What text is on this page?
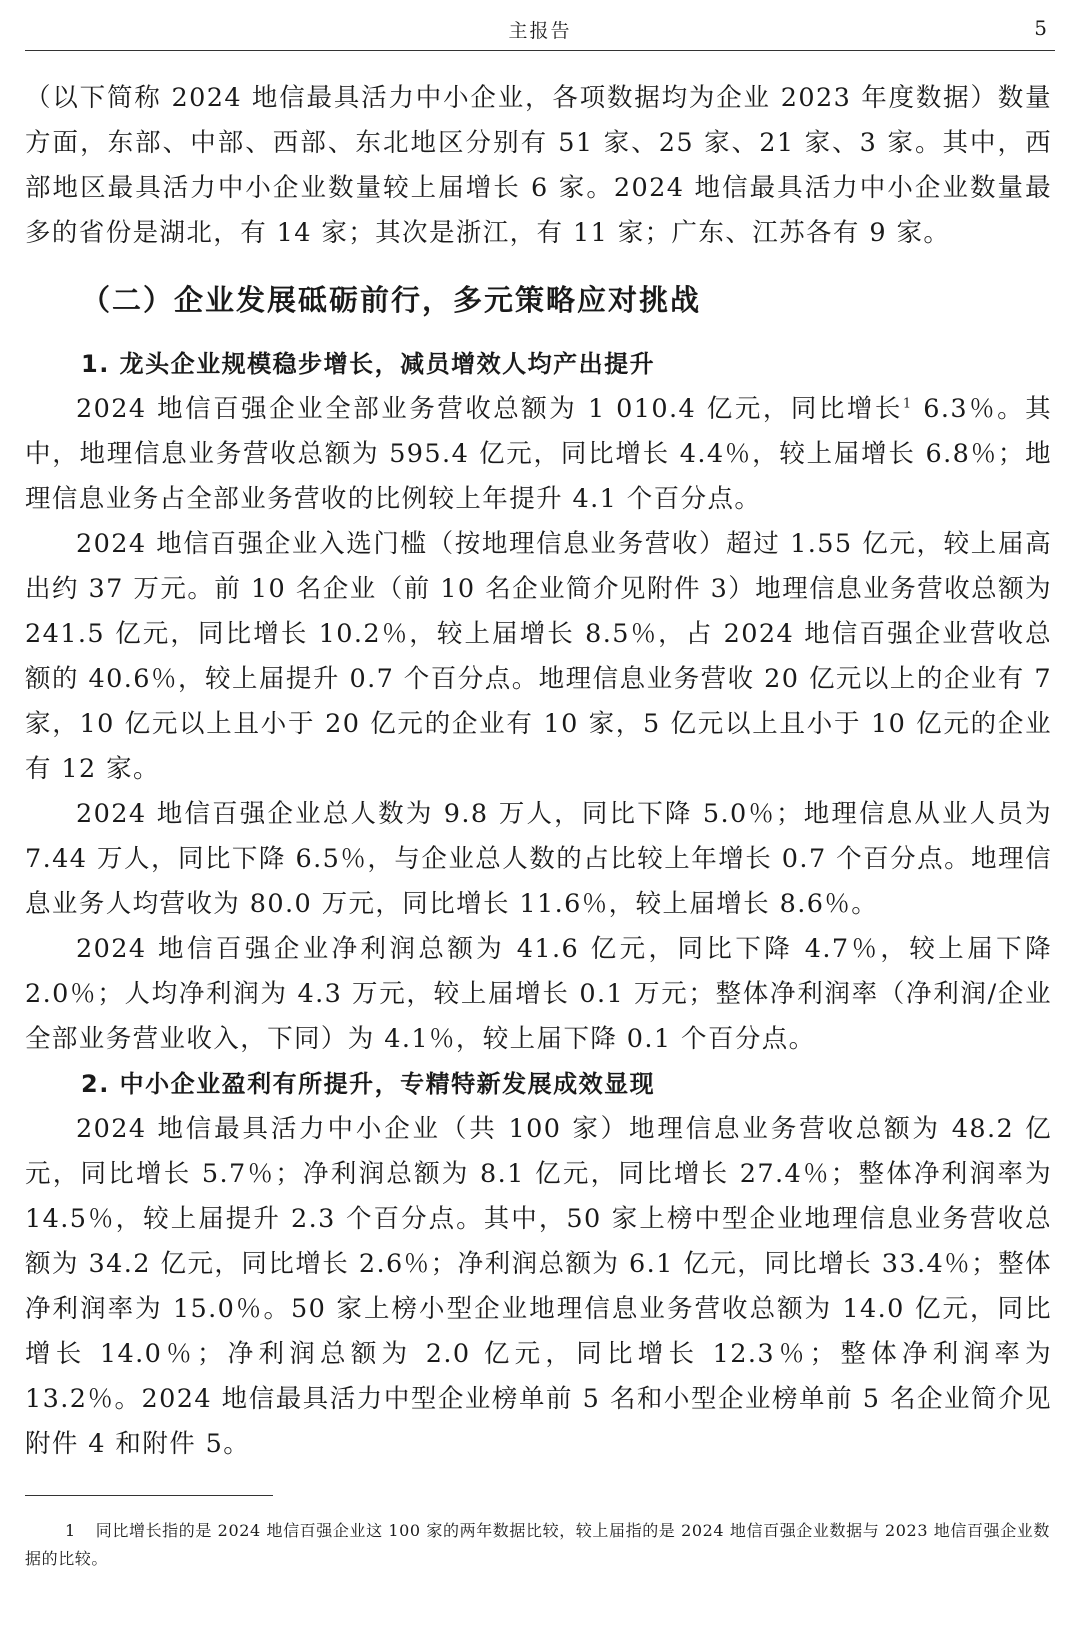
主报告	5

（以下简称 2024 地信最具活力中小企业，各项数据均为企业 2023 年度数据）数量方面，东部、中部、西部、东北地区分别有 51 家、25 家、21 家、3 家。其中，西部地区最具活力中小企业数量较上届增长 6 家。2024 地信最具活力中小企业数量最多的省份是湖北，有 14 家；其次是浙江，有 11 家；广东、江苏各有 9 家。

（二）企业发展砥砺前行，多元策略应对挑战
1. 龙头企业规模稳步增长，减员增效人均产出提升

2024 地信百强企业全部业务营收总额为 1 010.4 亿元，同比增长$^1$ 6.3％。其中，地理信息业务营收总额为 595.4 亿元，同比增长 4.4％，较上届增长 6.8％；地理信息业务占全部业务营收的比例较上年提升 4.1 个百分点。

2024 地信百强企业入选门槛（按地理信息业务营收）超过 1.55 亿元，较上届高出约 37 万元。前 10 名企业（前 10 名企业简介见附件 3）地理信息业务营收总额为 241.5 亿元，同比增长 10.2％，较上届增长 8.5％，占 2024 地信百强企业营收总额的 40.6％，较上届提升 0.7 个百分点。地理信息业务营收 20 亿元以上的企业有 7 家，10 亿元以上且小于 20 亿元的企业有 10 家，5 亿元以上且小于 10 亿元的企业有 12 家。

2024 地信百强企业总人数为 9.8 万人，同比下降 5.0％；地理信息从业人员为 7.44 万人，同比下降 6.5％，与企业总人数的占比较上年增长 0.7 个百分点。地理信息业务人均营收为 80.0 万元，同比增长 11.6％，较上届增长 8.6％。

2024 地信百强企业净利润总额为 41.6 亿元，同比下降 4.7％，较上届下降 2.0％；人均净利润为 4.3 万元，较上届增长 0.1 万元；整体净利润率（净利润/企业全部业务营业收入，下同）为 4.1％，较上届下降 0.1 个百分点。

2. 中小企业盈利有所提升，专精特新发展成效显现

2024 地信最具活力中小企业（共 100 家）地理信息业务营收总额为 48.2 亿元，同比增长 5.7％；净利润总额为 8.1 亿元，同比增长 27.4％；整体净利润率为 14.5％，较上届提升 2.3 个百分点。其中，50 家上榜中型企业地理信息业务营收总额为 34.2 亿元，同比增长 2.6％；净利润总额为 6.1 亿元，同比增长 33.4％；整体净利润率为 15.0％。50 家上榜小型企业地理信息业务营收总额为 14.0 亿元，同比增长 14.0％；净利润总额为 2.0 亿元，同比增长 12.3％；整体净利润率为 13.2％。2024 地信最具活力中型企业榜单前 5 名和小型企业榜单前 5 名企业简介见附件 4 和附件 5。

1 同比增长指的是 2024 地信百强企业这 100 家的两年数据比较，较上届指的是 2024 地信百强企业数据与 2023 地信百强企业数据的比较。
